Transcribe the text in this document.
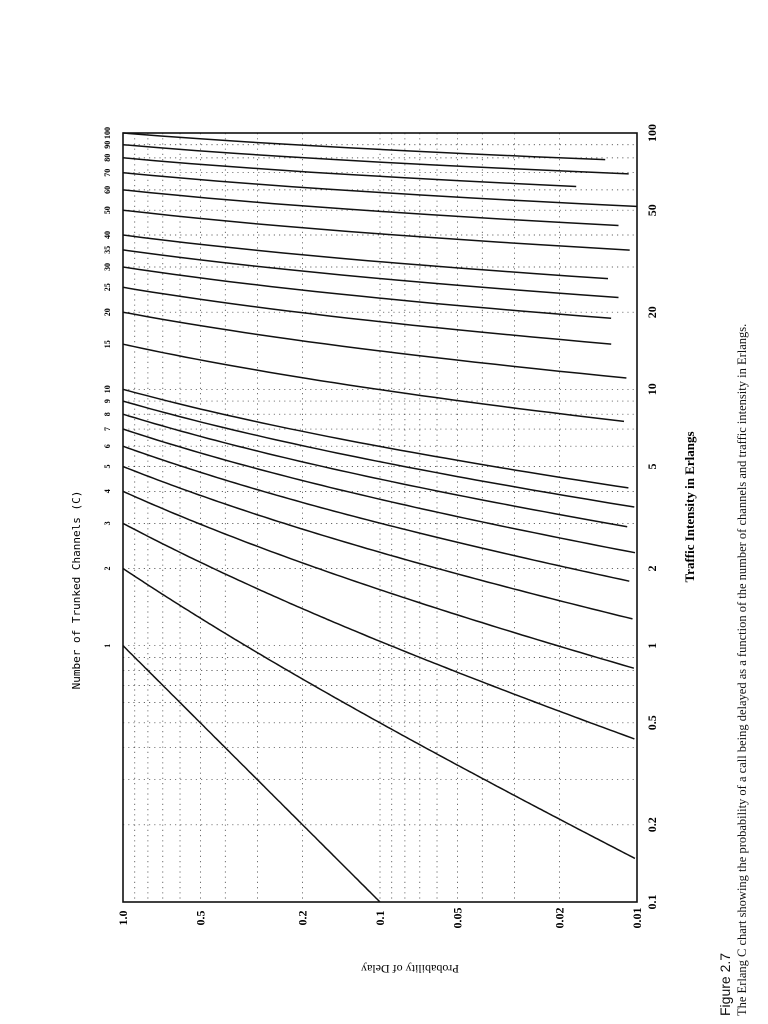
0.1
0.2
0.5
1
2
5
10
20
50
100
1.0	0.5	0.2	0.1	0.05	0.02	0.01
1
2
3
4
5
6
7
8
9
10
15
20
25
30
35
40
50
60
70
80
90
100
Traffic Intensity in Erlangs
Probability of Delay
Number of Trunked Channels (C)
Figure 2.7 The Erlang C chart showing the probability of a call being delayed as a function of the number of channels and traffic intensity in Erlangs.
